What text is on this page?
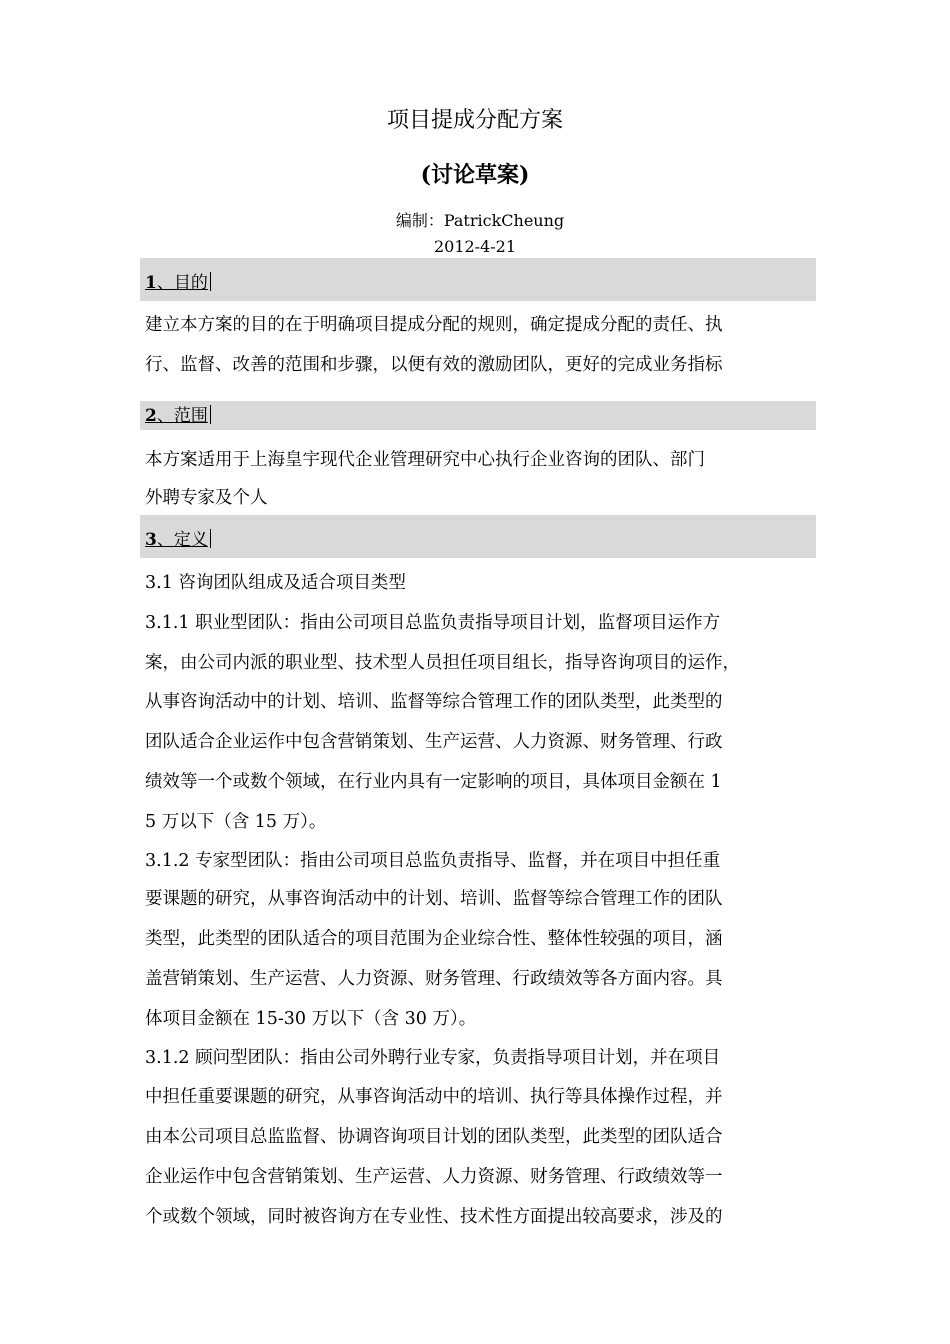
项目提成分配方案
(讨论草案)
编制：PatrickCheung
2012-4-21
1、目的
建立本方案的目的在于明确项目提成分配的规则，确定提成分配的责任、执
行、监督、改善的范围和步骤，以便有效的激励团队，更好的完成业务指标
2、范围
本方案适用于上海皇宇现代企业管理研究中心执行企业咨询的团队、部门
外聘专家及个人
3、定义
3.1 咨询团队组成及适合项目类型
3.1.1 职业型团队：指由公司项目总监负责指导项目计划，监督项目运作方
案，由公司内派的职业型、技术型人员担任项目组长，指导咨询项目的运作，
从事咨询活动中的计划、培训、监督等综合管理工作的团队类型，此类型的
团队适合企业运作中包含营销策划、生产运营、人力资源、财务管理、行政
绩效等一个或数个领域，在行业内具有一定影响的项目，具体项目金额在 1
5 万以下（含 15 万）。
3.1.2 专家型团队：指由公司项目总监负责指导、监督，并在项目中担任重
要课题的研究，从事咨询活动中的计划、培训、监督等综合管理工作的团队
类型，此类型的团队适合的项目范围为企业综合性、整体性较强的项目，涵
盖营销策划、生产运营、人力资源、财务管理、行政绩效等各方面内容。具
体项目金额在 15-30 万以下（含 30 万）。
3.1.2 顾问型团队：指由公司外聘行业专家，负责指导项目计划，并在项目
中担任重要课题的研究，从事咨询活动中的培训、执行等具体操作过程，并
由本公司项目总监监督、协调咨询项目计划的团队类型，此类型的团队适合
企业运作中包含营销策划、生产运营、人力资源、财务管理、行政绩效等一
个或数个领域，同时被咨询方在专业性、技术性方面提出较高要求，涉及的
